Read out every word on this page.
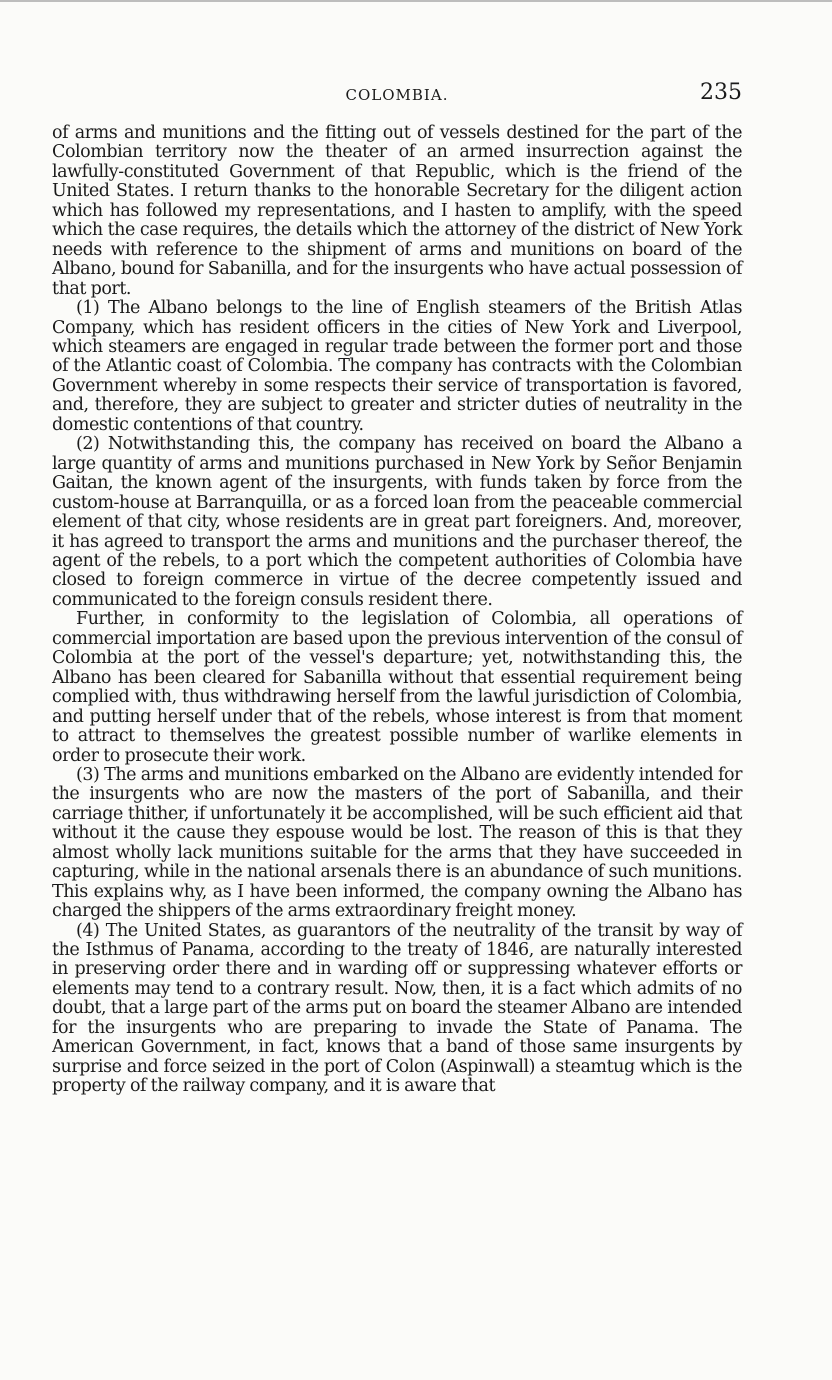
COLOMBIA.	235

of arms and munitions and the fitting out of vessels destined for the part of the Colombian territory now the theater of an armed insurrection against the lawfully-constituted Government of that Republic, which is the friend of the United States. I return thanks to the honorable Secretary for the diligent action which has followed my representations, and I hasten to amplify, with the speed which the case requires, the details which the attorney of the district of New York needs with reference to the shipment of arms and munitions on board of the Albano, bound for Sabanilla, and for the insurgents who have actual possession of that port.

(1) The Albano belongs to the line of English steamers of the British Atlas Company, which has resident officers in the cities of New York and Liverpool, which steamers are engaged in regular trade between the former port and those of the Atlantic coast of Colombia. The company has contracts with the Colombian Government whereby in some respects their service of transportation is favored, and, therefore, they are subject to greater and stricter duties of neutrality in the domestic contentions of that country.

(2) Notwithstanding this, the company has received on board the Albano a large quantity of arms and munitions purchased in New York by Señor Benjamin Gaitan, the known agent of the insurgents, with funds taken by force from the custom-house at Barranquilla, or as a forced loan from the peaceable commercial element of that city, whose residents are in great part foreigners. And, moreover, it has agreed to transport the arms and munitions and the purchaser thereof, the agent of the rebels, to a port which the competent authorities of Colombia have closed to foreign commerce in virtue of the decree competently issued and communicated to the foreign consuls resident there.

Further, in conformity to the legislation of Colombia, all operations of commercial importation are based upon the previous intervention of the consul of Colombia at the port of the vessel's departure; yet, notwithstanding this, the Albano has been cleared for Sabanilla without that essential requirement being complied with, thus withdrawing herself from the lawful jurisdiction of Colombia, and putting herself under that of the rebels, whose interest is from that moment to attract to themselves the greatest possible number of warlike elements in order to prosecute their work.

(3) The arms and munitions embarked on the Albano are evidently intended for the insurgents who are now the masters of the port of Sabanilla, and their carriage thither, if unfortunately it be accomplished, will be such efficient aid that without it the cause they espouse would be lost. The reason of this is that they almost wholly lack munitions suitable for the arms that they have succeeded in capturing, while in the national arsenals there is an abundance of such munitions. This explains why, as I have been informed, the company owning the Albano has charged the shippers of the arms extraordinary freight money.

(4) The United States, as guarantors of the neutrality of the transit by way of the Isthmus of Panama, according to the treaty of 1846, are naturally interested in preserving order there and in warding off or suppressing whatever efforts or elements may tend to a contrary result. Now, then, it is a fact which admits of no doubt, that a large part of the arms put on board the steamer Albano are intended for the insurgents who are preparing to invade the State of Panama. The American Government, in fact, knows that a band of those same insurgents by surprise and force seized in the port of Colon (Aspinwall) a steamtug which is the property of the railway company, and it is aware that
